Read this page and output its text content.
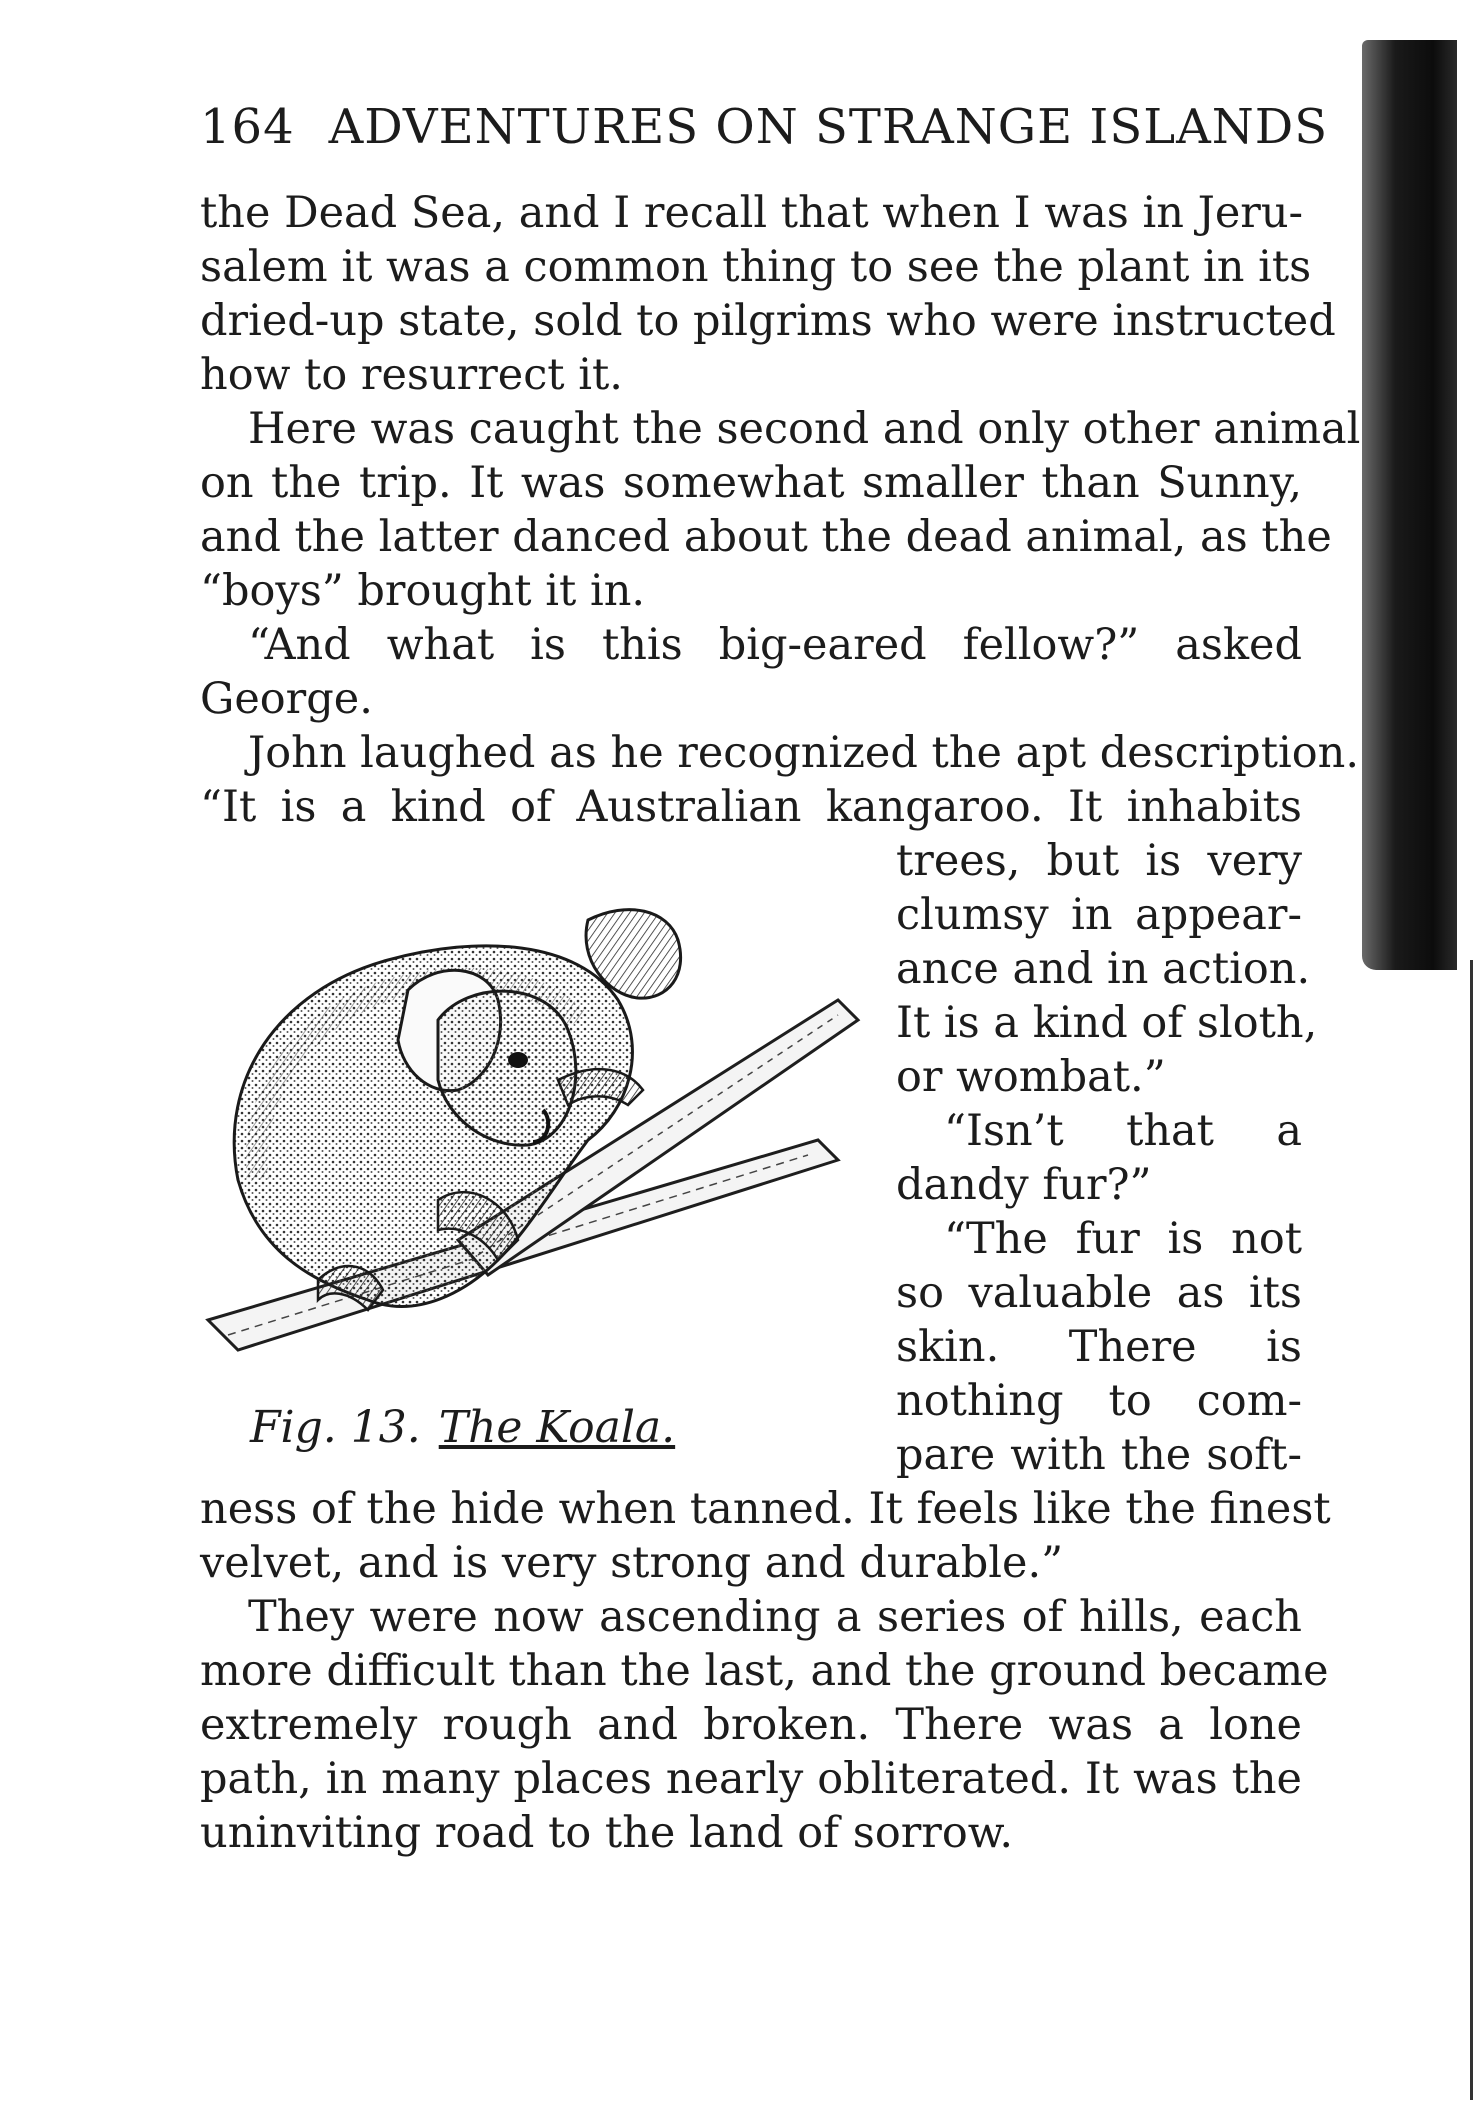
164 ADVENTURES ON STRANGE ISLANDS
the Dead Sea, and I recall that when I was in Jeru-
salem it was a common thing to see the plant in its
dried-up state, sold to pilgrims who were instructed
how to resurrect it.
Here was caught the second and only other animal
on the trip. It was somewhat smaller than Sunny,
and the latter danced about the dead animal, as the
“boys” brought it in.
“And what is this big-eared fellow?” asked
George.
John laughed as he recognized the apt description.
“It is a kind of Australian kangaroo. It inhabits
trees, but is very
clumsy in appear-
ance and in action.
It is a kind of sloth,
or wombat.”
“Isn’t that a
dandy fur?”
“The fur is not
so valuable as its
skin. There is
nothing to com-
pare with the soft-
ness of the hide when tanned. It feels like the finest
velvet, and is very strong and durable.”
They were now ascending a series of hills, each
more difficult than the last, and the ground became
extremely rough and broken. There was a lone
path, in many places nearly obliterated. It was the
uninviting road to the land of sorrow.
Fig. 13. The Koala.
